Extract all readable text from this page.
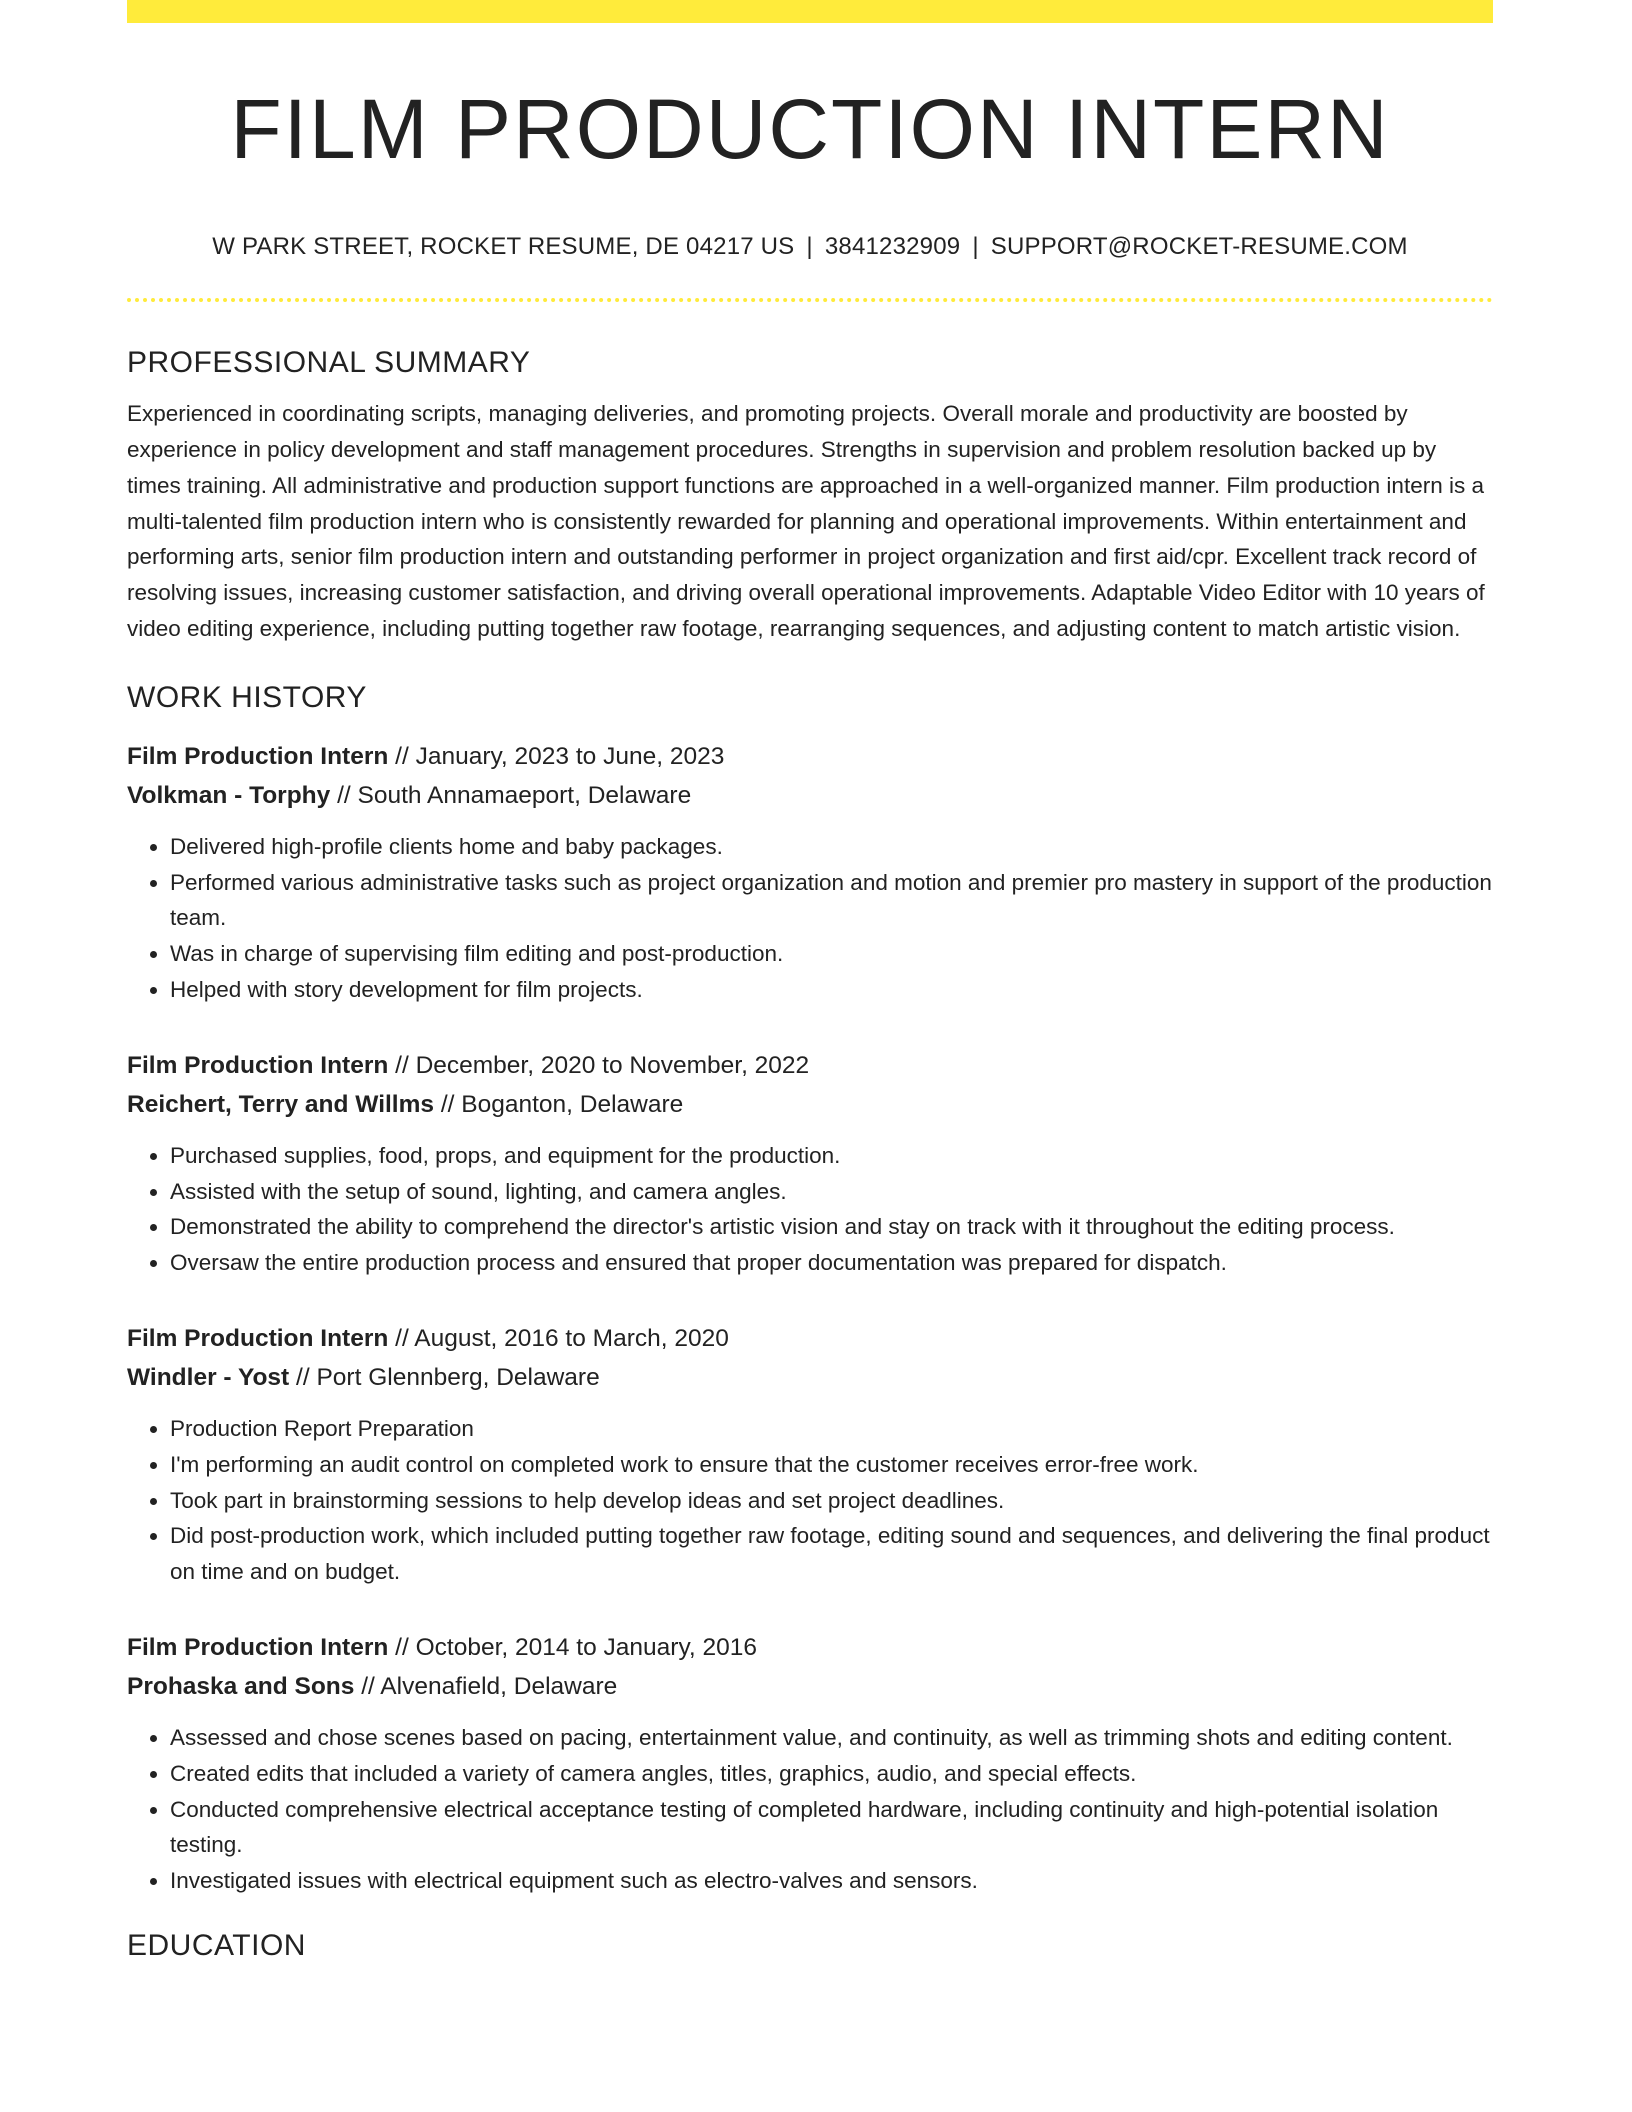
FILM PRODUCTION INTERN
W PARK STREET, ROCKET RESUME, DE 04217 US | 3841232909 | SUPPORT@ROCKET-RESUME.COM
PROFESSIONAL SUMMARY
Experienced in coordinating scripts, managing deliveries, and promoting projects. Overall morale and productivity are boosted by experience in policy development and staff management procedures. Strengths in supervision and problem resolution backed up by times training. All administrative and production support functions are approached in a well-organized manner. Film production intern is a multi-talented film production intern who is consistently rewarded for planning and operational improvements. Within entertainment and performing arts, senior film production intern and outstanding performer in project organization and first aid/cpr. Excellent track record of resolving issues, increasing customer satisfaction, and driving overall operational improvements. Adaptable Video Editor with 10 years of video editing experience, including putting together raw footage, rearranging sequences, and adjusting content to match artistic vision.
WORK HISTORY
Film Production Intern // January, 2023 to June, 2023
Volkman - Torphy // South Annamaeport, Delaware
• Delivered high-profile clients home and baby packages.
• Performed various administrative tasks such as project organization and motion and premier pro mastery in support of the production team.
• Was in charge of supervising film editing and post-production.
• Helped with story development for film projects.
Film Production Intern // December, 2020 to November, 2022
Reichert, Terry and Willms // Boganton, Delaware
• Purchased supplies, food, props, and equipment for the production.
• Assisted with the setup of sound, lighting, and camera angles.
• Demonstrated the ability to comprehend the director's artistic vision and stay on track with it throughout the editing process.
• Oversaw the entire production process and ensured that proper documentation was prepared for dispatch.
Film Production Intern // August, 2016 to March, 2020
Windler - Yost // Port Glennberg, Delaware
• Production Report Preparation
• I'm performing an audit control on completed work to ensure that the customer receives error-free work.
• Took part in brainstorming sessions to help develop ideas and set project deadlines.
• Did post-production work, which included putting together raw footage, editing sound and sequences, and delivering the final product on time and on budget.
Film Production Intern // October, 2014 to January, 2016
Prohaska and Sons // Alvenafield, Delaware
• Assessed and chose scenes based on pacing, entertainment value, and continuity, as well as trimming shots and editing content.
• Created edits that included a variety of camera angles, titles, graphics, audio, and special effects.
• Conducted comprehensive electrical acceptance testing of completed hardware, including continuity and high-potential isolation testing.
• Investigated issues with electrical equipment such as electro-valves and sensors.
EDUCATION
